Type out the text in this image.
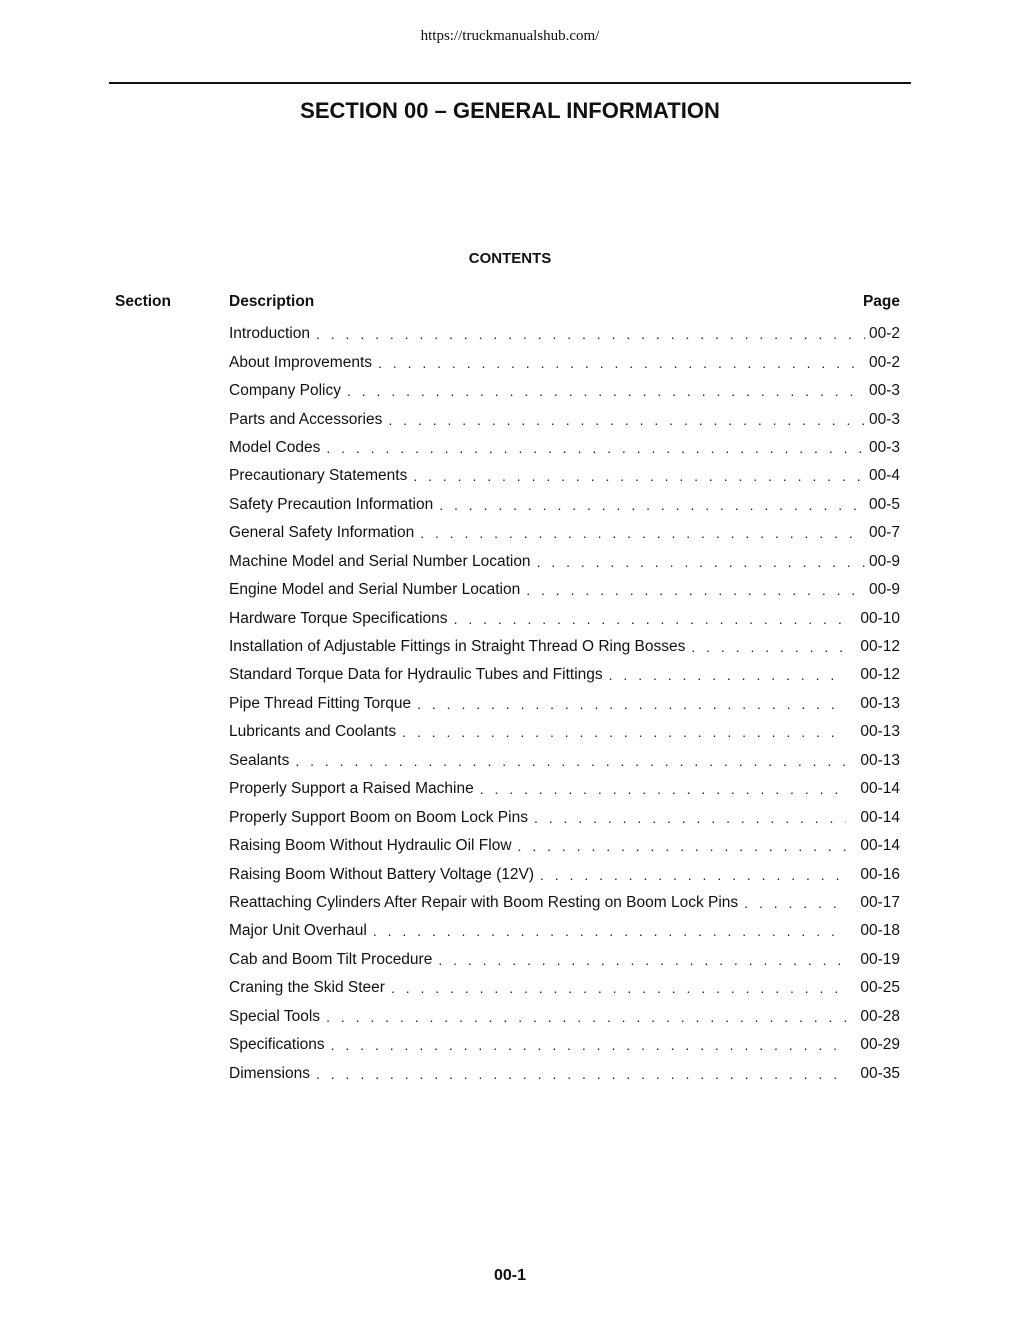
https://truckmanualshub.com/
SECTION 00 – GENERAL INFORMATION
CONTENTS
Section	Description	Page
Introduction . . .	00-2
About Improvements . . .	00-2
Company Policy . . .	00-3
Parts and Accessories . . .	00-3
Model Codes . . .	00-3
Precautionary Statements . . .	00-4
Safety Precaution Information . . .	00-5
General Safety Information . . .	00-7
Machine Model and Serial Number Location . . .	00-9
Engine Model and Serial Number Location . . .	00-9
Hardware Torque Specifications . . .	00-10
Installation of Adjustable Fittings in Straight Thread O Ring Bosses . . .	00-12
Standard Torque Data for Hydraulic Tubes and Fittings . . .	00-12
Pipe Thread Fitting Torque . . .	00-13
Lubricants and Coolants . . .	00-13
Sealants . . .	00-13
Properly Support a Raised Machine . . .	00-14
Properly Support Boom on Boom Lock Pins . . .	00-14
Raising Boom Without Hydraulic Oil Flow . . .	00-14
Raising Boom Without Battery Voltage (12V) . . .	00-16
Reattaching Cylinders After Repair with Boom Resting on Boom Lock Pins . . .	00-17
Major Unit Overhaul . . .	00-18
Cab and Boom Tilt Procedure . . .	00-19
Craning the Skid Steer . . .	00-25
Special Tools . . .	00-28
Specifications . . .	00-29
Dimensions . . .	00-35
00-1
